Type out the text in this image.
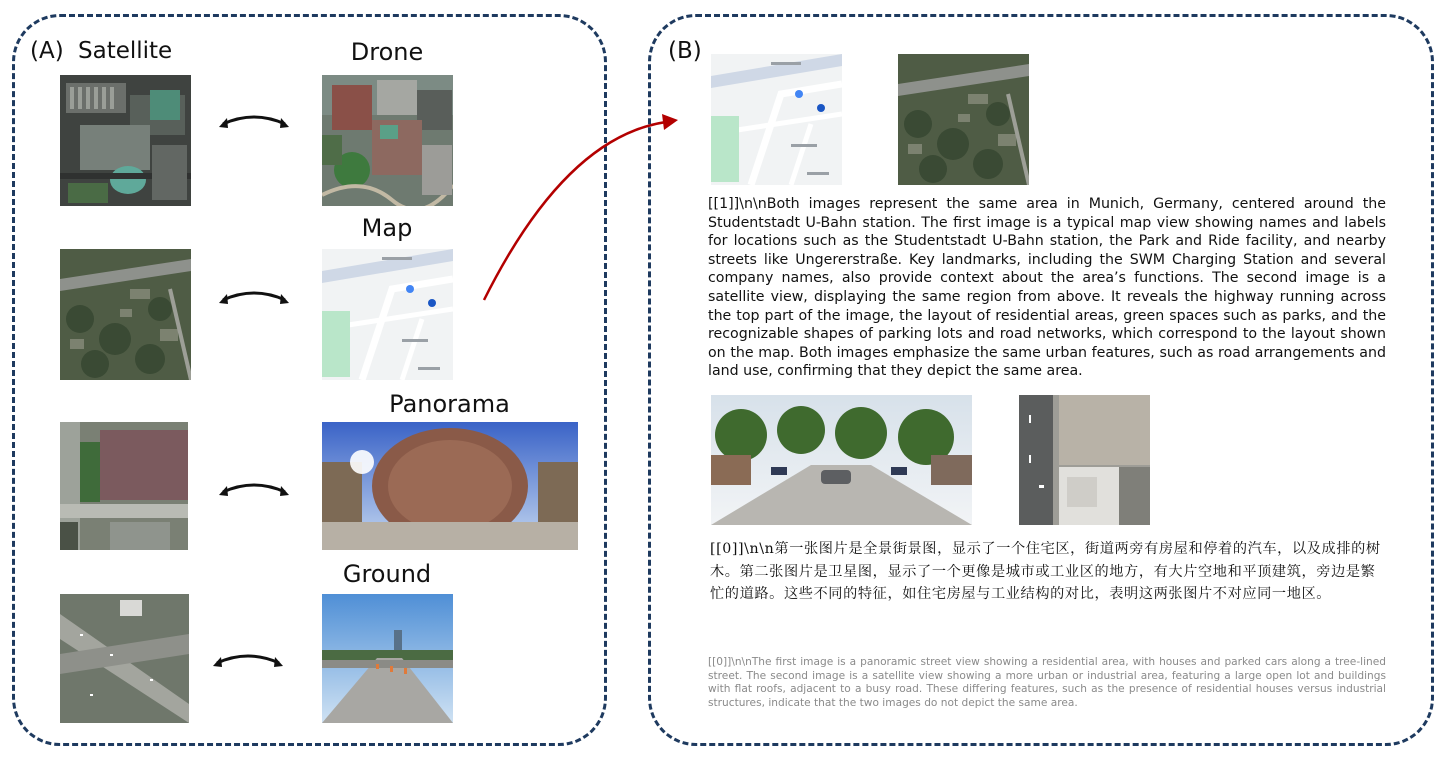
(A) Satellite	Drone
Map
Panorama
Ground
(B)
[[1]]\n\nBoth images represent the same area in Munich, Germany, centered around the Studentstadt U-Bahn station. The first image is a typical map view showing names and labels for locations such as the Studentstadt U-Bahn station, the Park and Ride facility, and nearby streets like Ungererstraße. Key landmarks, including the SWM Charging Station and several company names, also provide context about the area’s functions. The second image is a satellite view, displaying the same region from above. It reveals the highway running across the top part of the image, the layout of residential areas, green spaces such as parks, and the recognizable shapes of parking lots and road networks, which correspond to the layout shown on the map. Both images emphasize the same urban features, such as road arrangements and land use, confirming that they depict the same area.
[[0]]\n\n第一张图片是全景街景图，显示了一个住宅区，街道两旁有房屋和停着的汽车，以及成排的树木。第二张图片是卫星图，显示了一个更像是城市或工业区的地方，有大片空地和平顶建筑，旁边是繁忙的道路。这些不同的特征，如住宅房屋与工业结构的对比，表明这两张图片不对应同一地区。
[[0]]\n\nThe first image is a panoramic street view showing a residential area, with houses and parked cars along a tree-lined street. The second image is a satellite view showing a more urban or industrial area, featuring a large open lot and buildings with flat roofs, adjacent to a busy road. These differing features, such as the presence of residential houses versus industrial structures, indicate that the two images do not depict the same area.
